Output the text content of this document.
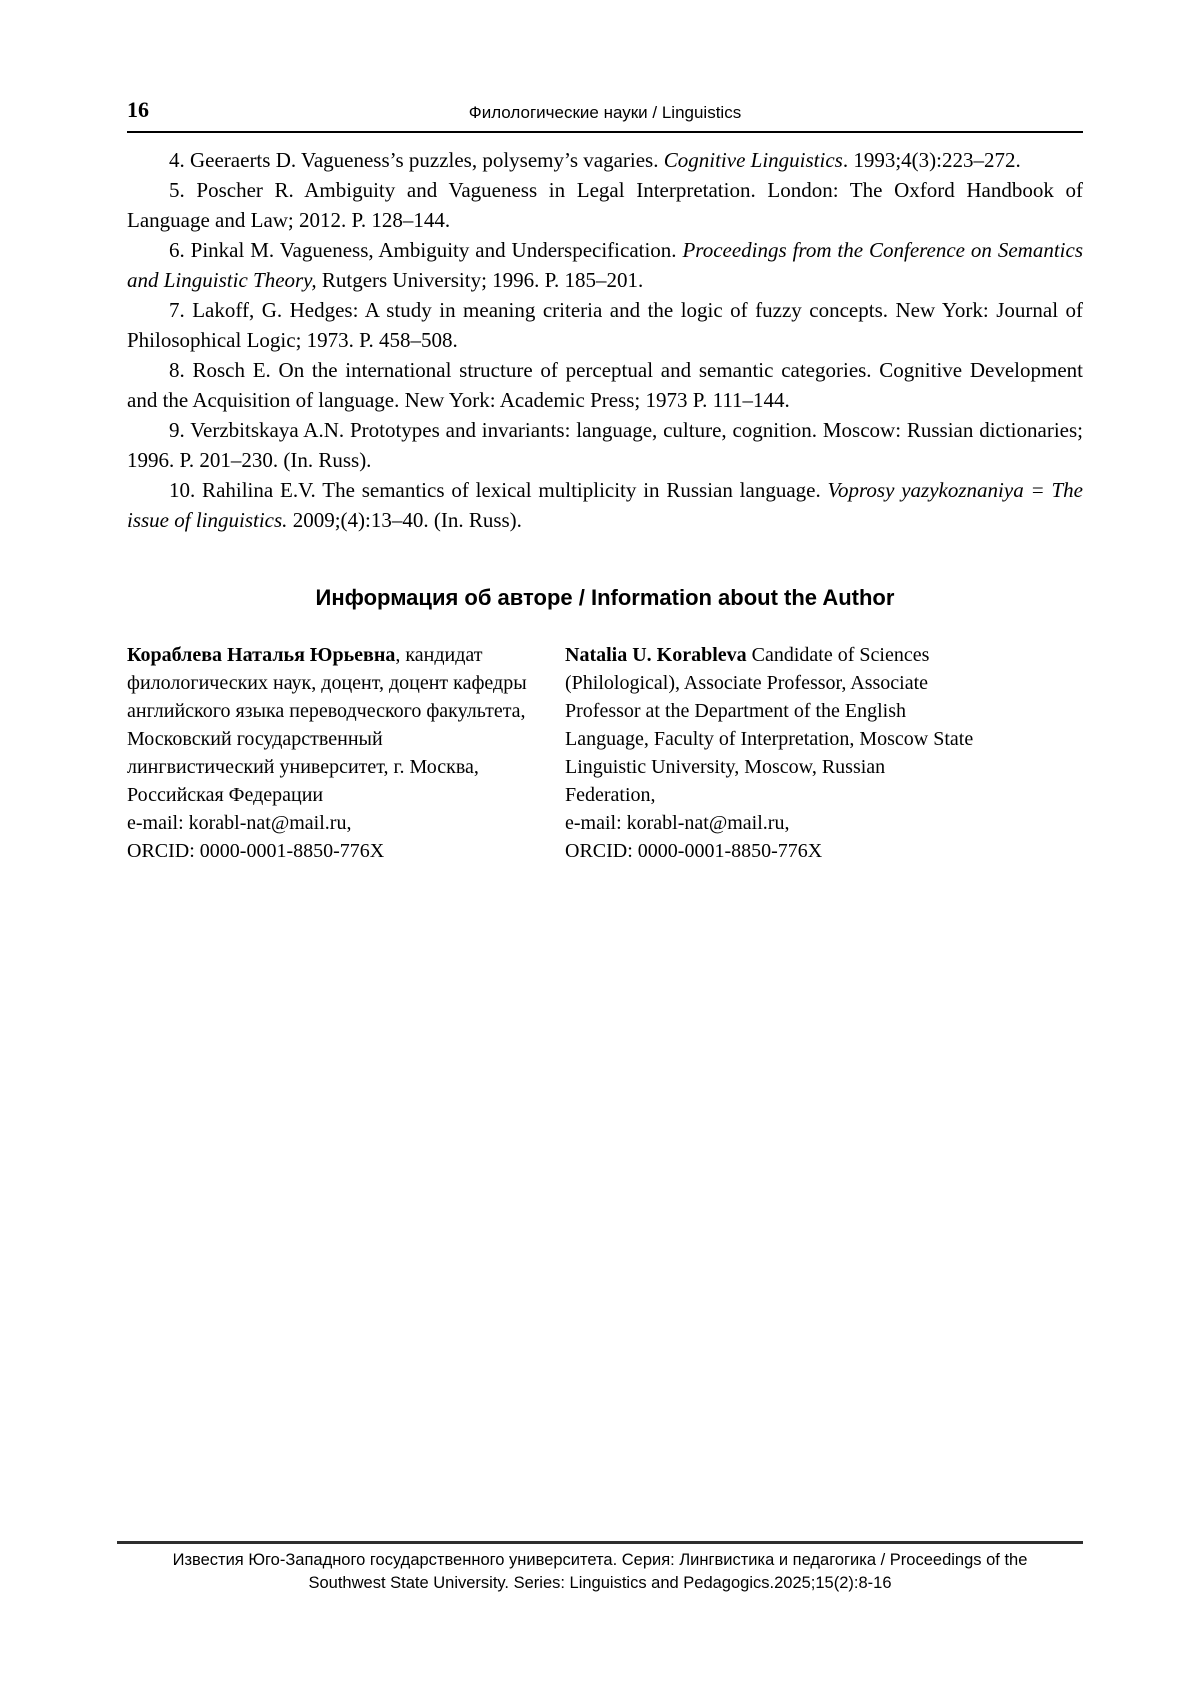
16	Филологические науки / Linguistics

4. Geeraerts D. Vagueness’s puzzles, polysemy’s vagaries. Cognitive Linguistics. 1993;4(3):223–272.

5. Poscher R. Ambiguity and Vagueness in Legal Interpretation. London: The Oxford Handbook of Language and Law; 2012. P. 128–144.

6. Pinkal M. Vagueness, Ambiguity and Underspecification. Proceedings from the Conference on Semantics and Linguistic Theory, Rutgers University; 1996. P. 185–201.

7. Lakoff, G. Hedges: A study in meaning criteria and the logic of fuzzy concepts. New York: Journal of Philosophical Logic; 1973. P. 458–508.

8. Rosch E. On the international structure of perceptual and semantic categories. Cognitive Development and the Acquisition of language. New York: Academic Press; 1973 P. 111–144.

9. Verzbitskaya A.N. Prototypes and invariants: language, culture, cognition. Moscow: Russian dictionaries; 1996. P. 201–230. (In. Russ).

10. Rahilina E.V. The semantics of lexical multiplicity in Russian language. Voprosy yazykoznaniya = The issue of linguistics. 2009;(4):13–40. (In. Russ).

Информация об авторе / Information about the Author
Кораблева Наталья Юрьевна, кандидат
филологических наук, доцент, доцент кафедры
английского языка переводческого факультета,
Московский государственный
лингвистический университет, г. Москва,
Российская Федерации
e-mail: korabl-nat@mail.ru,
ORCID: 0000-0001-8850-776X
Natalia U. Korableva Candidate of Sciences
(Philological), Associate Professor, Associate
Professor at the Department of the English
Language, Faculty of Interpretation, Moscow State
Linguistic University, Moscow, Russian
Federation,
e-mail: korabl-nat@mail.ru,
ORCID: 0000-0001-8850-776X
Известия Юго-Западного государственного университета. Серия: Лингвистика и педагогика / Proceedings of the
Southwest State University. Series: Linguistics and Pedagogics.2025;15(2):8-16
